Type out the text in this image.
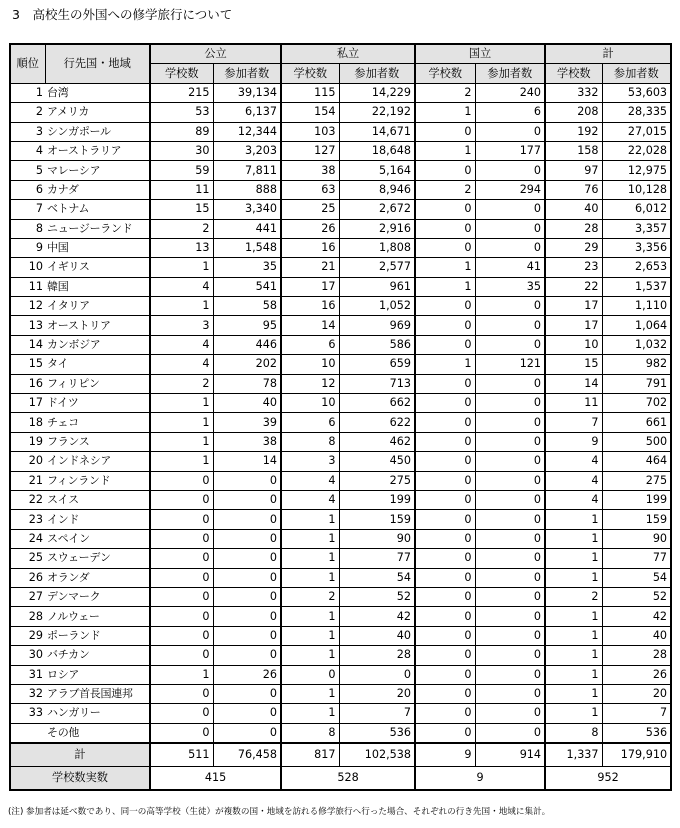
3　高校生の外国への修学旅行について
順位	行先国・地域	公立		私立		国立		計	
		学校数	参加者数	学校数	参加者数	学校数	参加者数	学校数	参加者数
1	台湾	215	39,134	115	14,229	2	240	332	53,603
2	アメリカ	53	6,137	154	22,192	1	6	208	28,335
3	シンガポール	89	12,344	103	14,671	0	0	192	27,015
4	オーストラリア	30	3,203	127	18,648	1	177	158	22,028
5	マレーシア	59	7,811	38	5,164	0	0	97	12,975
6	カナダ	11	888	63	8,946	2	294	76	10,128
7	ベトナム	15	3,340	25	2,672	0	0	40	6,012
8	ニュージーランド	2	441	26	2,916	0	0	28	3,357
9	中国	13	1,548	16	1,808	0	0	29	3,356
10	イギリス	1	35	21	2,577	1	41	23	2,653
11	韓国	4	541	17	961	1	35	22	1,537
12	イタリア	1	58	16	1,052	0	0	17	1,110
13	オーストリア	3	95	14	969	0	0	17	1,064
14	カンボジア	4	446	6	586	0	0	10	1,032
15	タイ	4	202	10	659	1	121	15	982
16	フィリピン	2	78	12	713	0	0	14	791
17	ドイツ	1	40	10	662	0	0	11	702
18	チェコ	1	39	6	622	0	0	7	661
19	フランス	1	38	8	462	0	0	9	500
20	インドネシア	1	14	3	450	0	0	4	464
21	フィンランド	0	0	4	275	0	0	4	275
22	スイス	0	0	4	199	0	0	4	199
23	インド	0	0	1	159	0	0	1	159
24	スペイン	0	0	1	90	0	0	1	90
25	スウェーデン	0	0	1	77	0	0	1	77
26	オランダ	0	0	1	54	0	0	1	54
27	デンマーク	0	0	2	52	0	0	2	52
28	ノルウェー	0	0	1	42	0	0	1	42
29	ポーランド	0	0	1	40	0	0	1	40
30	バチカン	0	0	1	28	0	0	1	28
31	ロシア	1	26	0	0	0	0	1	26
32	アラブ首長国連邦	0	0	1	20	0	0	1	20
33	ハンガリー	0	0	1	7	0	0	1	7
	その他	0	0	8	536	0	0	8	536
計		511	76,458	817	102,538	9	914	1,337	179,910
学校数実数		415		528		9		952	
(注) 参加者は延べ数であり、同一の高等学校（生徒）が複数の国・地域を訪れる修学旅行へ行った場合、それぞれの行き先国・地域に集計。
